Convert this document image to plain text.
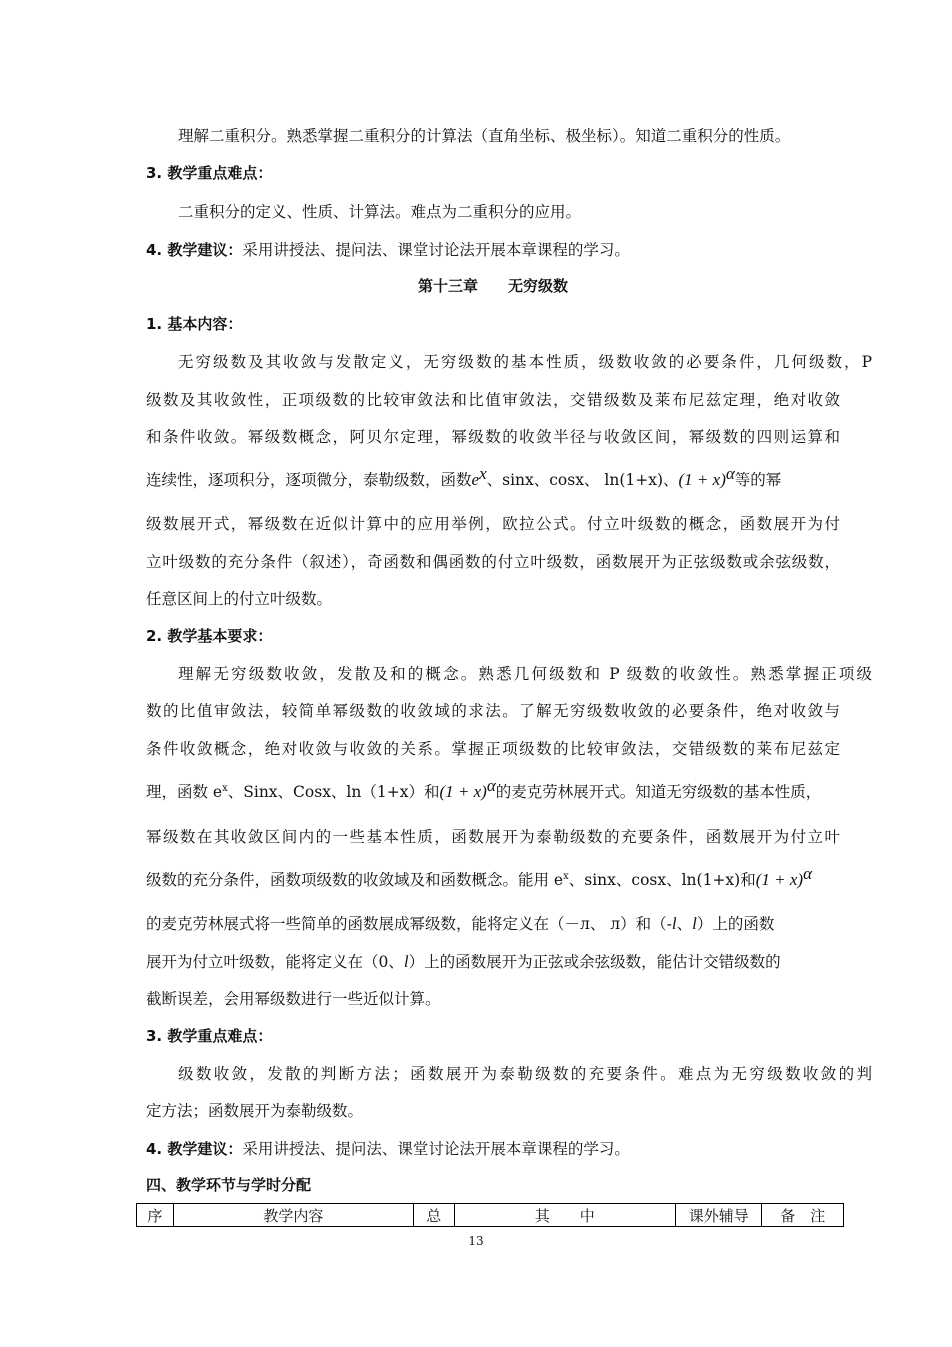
理解二重积分。熟悉掌握二重积分的计算法（直角坐标、极坐标）。知道二重积分的性质。
3. 教学重点难点：
二重积分的定义、性质、计算法。难点为二重积分的应用。
4. 教学建议：采用讲授法、提问法、课堂讨论法开展本章课程的学习。
第十三章　　无穷级数
1. 基本内容：
无穷级数及其收敛与发散定义，无穷级数的基本性质，级数收敛的必要条件，几何级数，P
级数及其收敛性，正项级数的比较审敛法和比值审敛法，交错级数及莱布尼兹定理，绝对收敛
和条件收敛。幂级数概念，阿贝尔定理，幂级数的收敛半径与收敛区间，幂级数的四则运算和
连续性，逐项积分，逐项微分，泰勒级数，函数$e^x$、sinx、cosx、 ln(1+x)、$(1 + x)^\alpha$等的幂
级数展开式，幂级数在近似计算中的应用举例，欧拉公式。付立叶级数的概念，函数展开为付
立叶级数的充分条件（叙述），奇函数和偶函数的付立叶级数，函数展开为正弦级数或余弦级数，
任意区间上的付立叶级数。
2. 教学基本要求：
理解无穷级数收敛，发散及和的概念。熟悉几何级数和 P 级数的收敛性。熟悉掌握正项级
数的比值审敛法，较简单幂级数的收敛域的求法。了解无穷级数收敛的必要条件，绝对收敛与
条件收敛概念，绝对收敛与收敛的关系。掌握正项级数的比较审敛法，交错级数的莱布尼兹定
理，函数 $e^x$、Sinx、Cosx、ln（1+x）和$(1 + x)^\alpha$的麦克劳林展开式。知道无穷级数的基本性质，
幂级数在其收敛区间内的一些基本性质，函数展开为泰勒级数的充要条件，函数展开为付立叶
级数的充分条件，函数项级数的收敛域及和函数概念。能用 $e^x$、sinx、cosx、ln(1+x)和$(1 + x)^\alpha$
的麦克劳林展式将一些简单的函数展成幂级数，能将定义在（－л、 л）和（-l、l）上的函数
展开为付立叶级数，能将定义在（0、l）上的函数展开为正弦或余弦级数，能估计交错级数的
截断误差，会用幂级数进行一些近似计算。
3. 教学重点难点：
级数收敛，发散的判断方法；函数展开为泰勒级数的充要条件。难点为无穷级数收敛的判
定方法；函数展开为泰勒级数。
4. 教学建议：采用讲授法、提问法、课堂讨论法开展本章课程的学习。
四、教学环节与学时分配
序	教学内容	总	其　　中	课外辅导	备　注
13
